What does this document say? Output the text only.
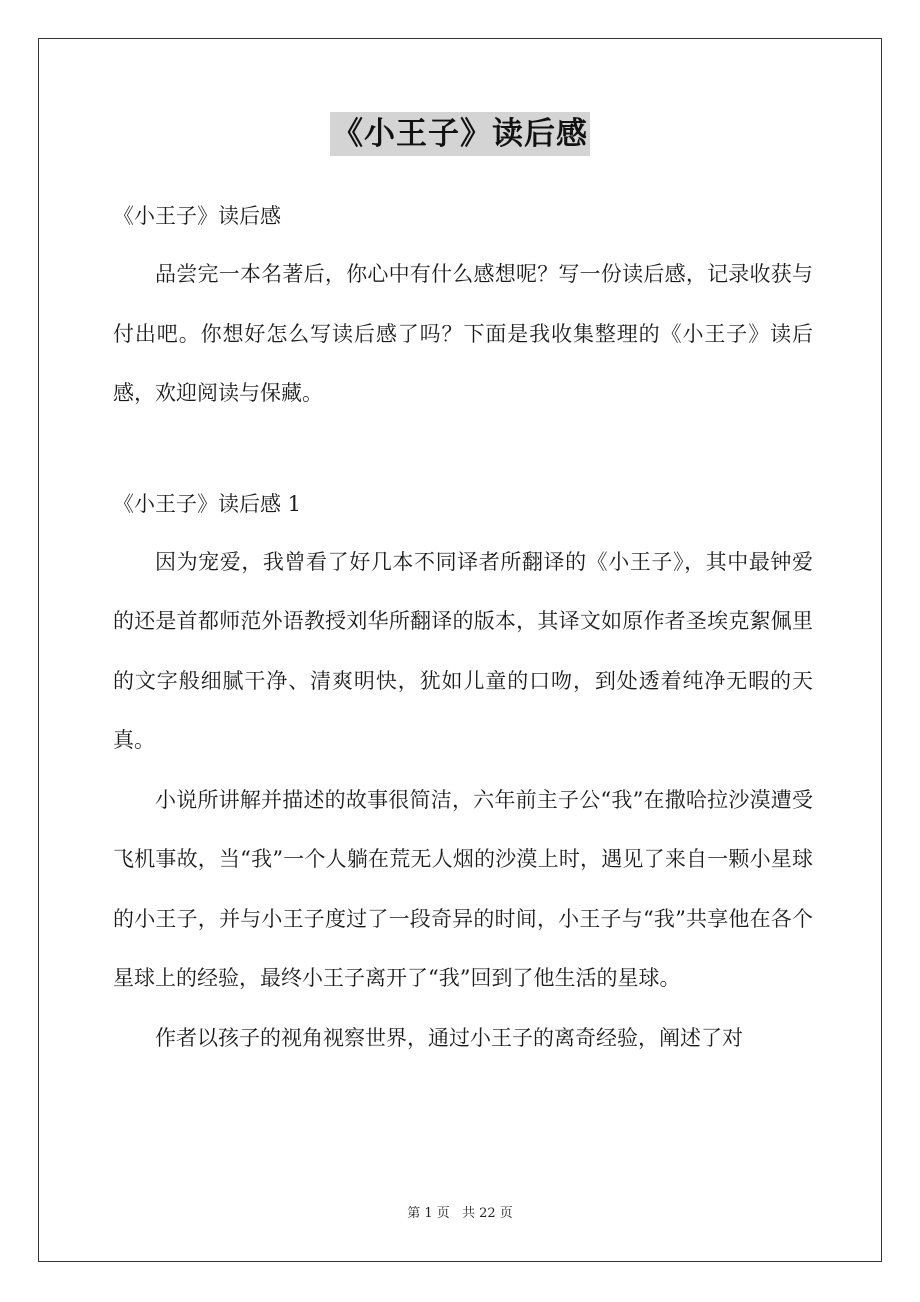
《小王子》读后感

《小王子》读后感

品尝完一本名著后，你心中有什么感想呢？写一份读后感，记录收获与付出吧。你想好怎么写读后感了吗？下面是我收集整理的《小王子》读后感，欢迎阅读与保藏。

《小王子》读后感 1

因为宠爱，我曾看了好几本不同译者所翻译的《小王子》，其中最钟爱的还是首都师范外语教授刘华所翻译的版本，其译文如原作者圣埃克絮佩里的文字般细腻干净、清爽明快，犹如儿童的口吻，到处透着纯净无暇的天真。

小说所讲解并描述的故事很简洁，六年前主子公“我”在撒哈拉沙漠遭受飞机事故，当“我”一个人躺在荒无人烟的沙漠上时，遇见了来自一颗小星球的小王子，并与小王子度过了一段奇异的时间，小王子与“我”共享他在各个星球上的经验，最终小王子离开了“我”回到了他生活的星球。

作者以孩子的视角视察世界，通过小王子的离奇经验，阐述了对

第 1 页 共 22 页
